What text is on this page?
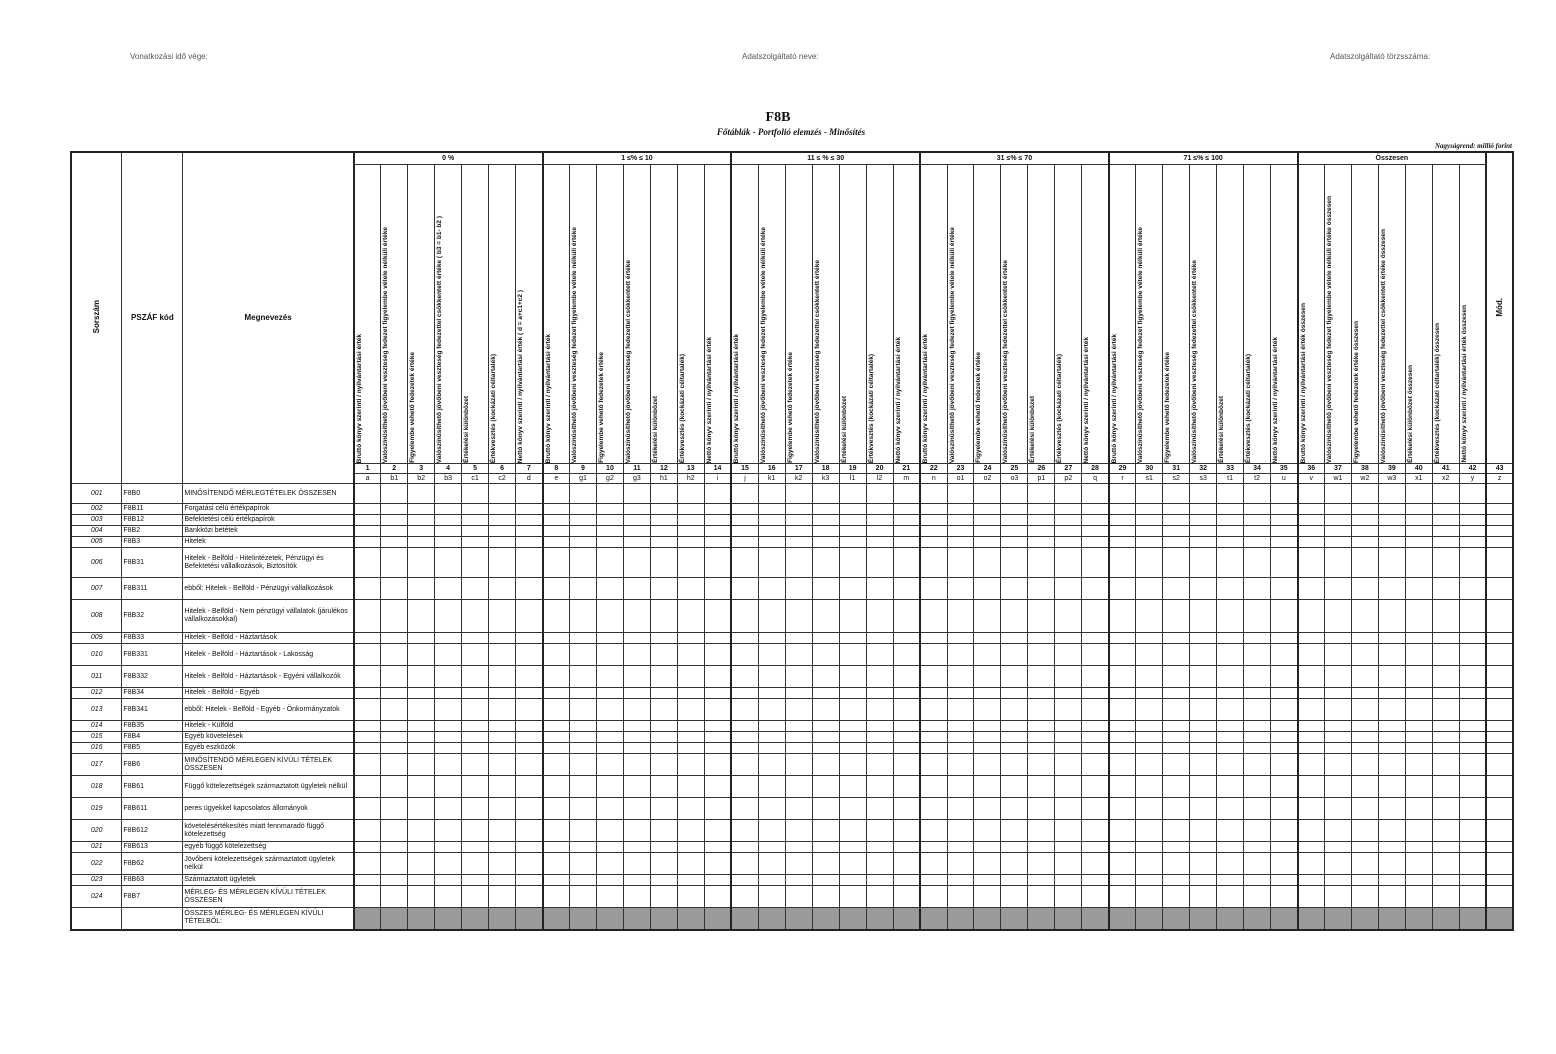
Vonatkozási idő vége:	Adatszolgáltató neve:	Adatszolgáltató törzsszáma:
F8B
Főtáblák - Portfolió elemzés - Minősítés
Nagyságrend: millió forint
Sorszám	PSZÁF kód	Megnevezés	0 %							1 ≤% ≤ 10							11 ≤ % ≤ 30							31 ≤% ≤ 70							71 ≤% ≤ 100							Összesen							Mód.

			Bruttó könyv szerinti / nyilvántartási érték	Valószínűsíthető jövőbeni veszteség fedezet figyelembe vétele nélküli értéke	Figyelembe vehető fedezetek értéke	Valószínűsíthető jövőbeni veszteség fedezettel csökkentett értéke ( b3 = b1- b2 )	Értékelési különbözet	Értékvesztés (kockázati céltartalék)	Nettó könyv szerinti / nyilvántartási érték ( d = a+c1+c2 )	Bruttó könyv szerinti / nyilvántartási érték	Valószínűsíthető jövőbeni veszteség fedezet figyelembe vétele nélküli értéke	Figyelembe vehető fedezetek értéke	Valószínűsíthető jövőbeni veszteség fedezettel csökkentett értéke	Értékelési különbözet	Értékvesztés (kockázati céltartalék)	Nettó könyv szerinti / nyilvántartási érték	Bruttó könyv szerinti / nyilvántartási érték	Valószínűsíthető jövőbeni veszteség fedezet figyelembe vétele nélküli értéke	Figyelembe vehető fedezetek értéke	Valószínűsíthető jövőbeni veszteség fedezettel csökkentett értéke	Értékelési különbözet	Értékvesztés (kockázati céltartalék)	Nettó könyv szerinti / nyilvántartási érték	Bruttó könyv szerinti / nyilvántartási érték	Valószínűsíthető jövőbeni veszteség fedezet figyelembe vétele nélküli értéke	Figyelembe vehető fedezetek értéke	Valószínűsíthető jövőbeni veszteség fedezettel csökkentett értéke	Értékelési különbözet	Értékvesztés (kockázati céltartalék)	Nettó könyv szerinti / nyilvántartási érték	Bruttó könyv szerinti / nyilvántartási érték	Valószínűsíthető jövőbeni veszteség fedezet figyelembe vétele nélküli értéke	Figyelembe vehető fedezetek értéke	Valószínűsíthető jövőbeni veszteség fedezettel csökkentett értéke	Értékelési különbözet	Értékvesztés (kockázati céltartalék)	Nettó könyv szerinti / nyilvántartási érték	Bruttó könyv szerinti / nyilvántartási érték összesen	Valószínűsíthető jövőbeni veszteség fedezet figyelembe vétele nélküli értéke összesen	Figyelembe vehető fedezetek értéke összesen	Valószínűsíthető jövőbeni veszteség fedezettel csökkentett értéke összesen	Értékelési különbözet összesen	Értékvesztés (kockázati céltartalék) összesen	Nettó könyv szerinti / nyilvántartási érték összesen	

			1	2	3	4	5	6	7	8	9	10	11	12	13	14	15	16	17	18	19	20	21	22	23	24	25	26	27	28	29	30	31	32	33	34	35	36	37	38	39	40	41	42	43
			a	b1	b2	b3	c1	c2	d	e	g1	g2	g3	h1	h2	i	j	k1	k2	k3	l1	l2	m	n	o1	o2	o3	p1	p2	q	r	s1	s2	s3	t1	t2	u	v	w1	w2	w3	x1	x2	y	z
001	F8B0	MINŐSÍTENDŐ MÉRLEGTÉTELEK ÖSSZESEN																																											
002	F8B11	Forgatási célú értékpapírok																																											
003	F8B12	Befektetési célú értékpapírok																																											
004	F8B2	Bankközi betétek																																											
005	F8B3	Hitelek																																											
006	F8B31	Hitelek - Belföld - Hitelintézetek, Pénzügyi és Befektetési vállalkozások, Biztosítók																																											
007	F8B311	ebből: Hitelek - Belföld - Pénzügyi vállalkozások																																											
008	F8B32	Hitelek - Belföld - Nem pénzügyi vállalatok (járulékos vállalkozásokkal)																																											
009	F8B33	Hitelek - Belföld - Háztartások																																											
010	F8B331	Hitelek - Belföld - Háztartások - Lakosság																																											
011	F8B332	Hitelek - Belföld - Háztartások - Egyéni vállalkozók																																											
012	F8B34	Hitelek - Belföld - Egyéb																																											
013	F8B341	ebből: Hitelek - Belföld - Egyéb - Önkormányzatok																																											
014	F8B35	Hitelek - Külföld																																											
015	F8B4	Egyéb követelések																																											
016	F8B5	Egyéb eszközök																																											
017	F8B6	MINŐSÍTENDŐ MÉRLEGEN KÍVÜLI TÉTELEK ÖSSZESEN																																											
018	F8B61	Függő kötelezettségek származtatott ügyletek nélkül																																											
019	F8B611	peres ügyekkel kapcsolatos állományok																																											
020	F8B612	követelésértékesítés miatt fennmaradó függő kötelezettség																																											
021	F8B613	egyéb függő kötelezettség																																											
022	F8B62	Jövőbeni kötelezettségek származtatott ügyletek nélkül																																											
023	F8B63	Származtatott ügyletek																																											
024	F8B7	MÉRLEG- ÉS MÉRLEGEN KÍVÜLI TÉTELEK ÖSSZESEN																																											
		ÖSSZES MÉRLEG- ÉS MÉRLEGEN KÍVÜLI TÉTELBŐL:																																											
